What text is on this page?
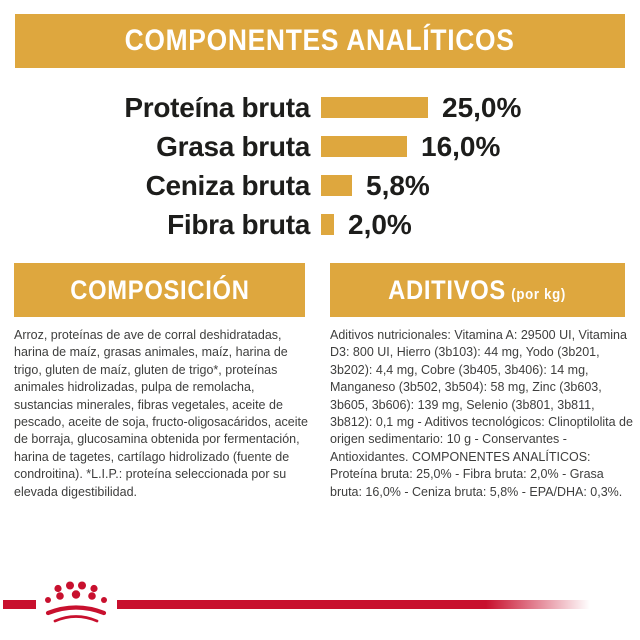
COMPONENTES ANALÍTICOS
Proteína bruta	25,0%
Grasa bruta	16,0%
Ceniza bruta 5,8%
Fibra bruta 2,0%
COMPOSICIÓN	ADITIVOS (por kg)
Arroz, proteínas de ave de corral deshidratadas, harina de maíz, grasas animales, maíz, harina de trigo, gluten de maíz, gluten de trigo*, proteínas animales hidrolizadas, pulpa de remolacha, sustancias minerales, fibras vegetales, aceite de pescado, aceite de soja, fructo-oligosacáridos, aceite de borraja, glucosamina obtenida por fermentación, harina de tagetes, cartílago hidrolizado (fuente de condroitina). *L.I.P.: proteína seleccionada por su elevada digestibilidad.
Aditivos nutricionales: Vitamina A: 29500 UI, Vitamina D3: 800 UI, Hierro (3b103): 44 mg, Yodo (3b201, 3b202): 4,4 mg, Cobre (3b405, 3b406): 14 mg, Manganeso (3b502, 3b504): 58 mg, Zinc (3b603, 3b605, 3b606): 139 mg, Selenio (3b801, 3b811, 3b812): 0,1 mg - Aditivos tecnológicos: Clinoptilolita de origen sedimentario: 10 g - Conservantes - Antioxidantes. COMPONENTES ANALÍTICOS: Proteína bruta: 25,0% - Fibra bruta: 2,0% - Grasa bruta: 16,0% - Ceniza bruta: 5,8% - EPA/DHA: 0,3%.
